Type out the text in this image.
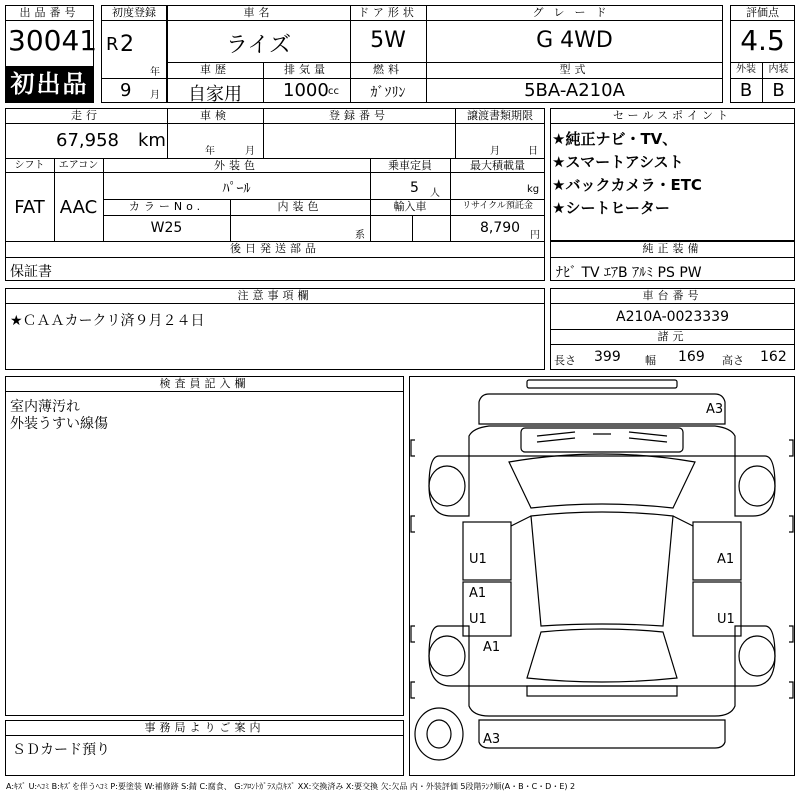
出品番号
30041
初出品
初度登録
R 2
年
9 月
車名
ライズ
ドア形状
5W
グレード
G 4WD
車歴
自家用
排気量
1000 cc
燃料
ｶﾞｿﾘﾝ
型式
5BA-A210A
評価点
4.5
外装	内装
B	B
走行
67,958 km
車検
年	月
登録番号	譲渡書類期限
月	日
シフト
FAT
エアコン
AAC
外装色
ﾊﾟｰﾙ
乗車定員
5 人
最大積載量
kg
カラーNo.
W25
内装色
系
輸入車	リサイクル預託金
8,790 円
後日発送部品
保証書
セールスポイント
★純正ナビ・TV、
★スマートアシスト
★バックカメラ・ETC
★シートヒーター
純正装備
ﾅﾋﾞ TV ｴｱB ｱﾙﾐ PS PW
注意事項欄
★ＣＡＡカークリ済９月２４日
車台番号
A210A-0023339
諸元
長さ 399 幅 169 高さ 162
検査員記入欄
室内薄汚れ
外装うすい線傷
事務局よりご案内
ＳＤカード預り
A3
U1	A1
A1
U1	U1
A1
A3
A:ｷｽﾞ U:ﾍｺﾐ B:ｷｽﾞを伴うﾍｺﾐ P:要塗装 W:補修跡 S:錆 C:腐食、 G:ﾌﾛﾝﾄｶﾞﾗｽ点ｷｽﾞ XX:交換済み X:要交換 欠:欠品 内・外装評価 5段階ﾗﾝｸ順(A・B・C・D・E) 2
